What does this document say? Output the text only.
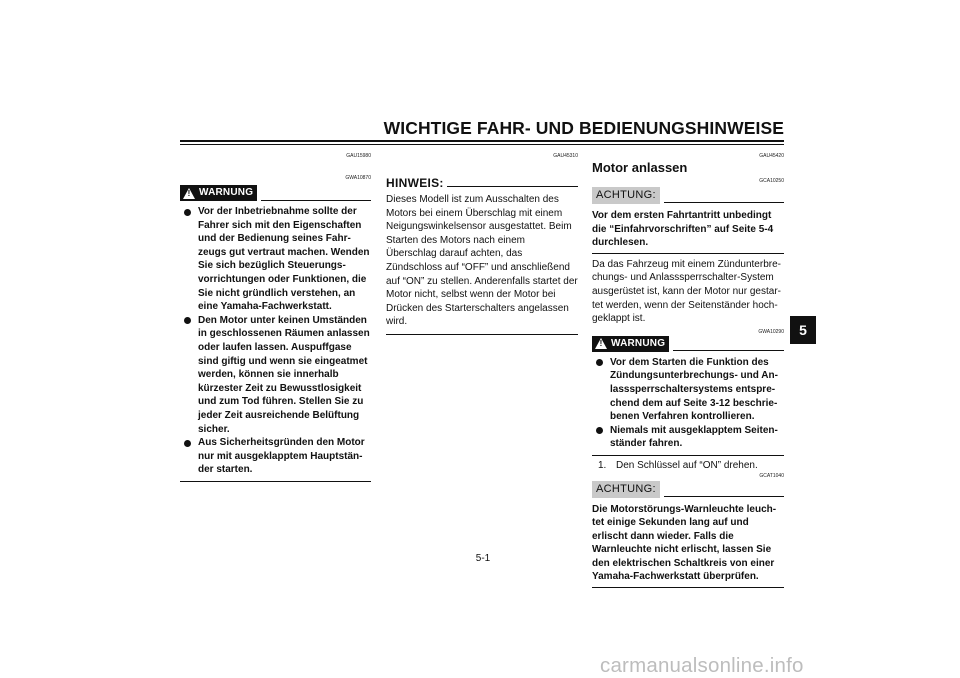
WICHTIGE FAHR- UND BEDIENUNGSHINWEISE
5
GAU15980
GWA10870
! WARNUNG
Vor der Inbetriebnahme sollte der Fahrer sich mit den Eigenschaften und der Bedienung seines Fahrzeugs gut vertraut machen. Wenden Sie sich bezüglich Steuerungsvorrichtungen oder Funktionen, die Sie nicht gründlich verstehen, an eine Yamaha-Fachwerkstatt.
Den Motor unter keinen Umständen in geschlossenen Räumen anlassen oder laufen lassen. Auspuffgase sind giftig und wenn sie eingeatmet werden, können sie innerhalb kürzester Zeit zu Bewusstlosigkeit und zum Tod führen. Stellen Sie zu jeder Zeit ausreichende Belüftung sicher.
Aus Sicherheitsgründen den Motor nur mit ausgeklapptem Hauptständer starten.
GAU45310
HINWEIS:
Dieses Modell ist zum Ausschalten des Motors bei einem Überschlag mit einem Neigungswinkelsensor ausgestattet. Beim Starten des Motors nach einem Überschlag darauf achten, das Zündschloss auf “OFF” und anschließend auf “ON” zu stellen. Anderenfalls startet der Motor nicht, selbst wenn der Motor bei Drücken des Starterschalters angelassen wird.
GAU45420
Motor anlassen
GCA10250
ACHTUNG:
Vor dem ersten Fahrtantritt unbedingt die “Einfahrvorschriften” auf Seite 5-4 durchlesen.
Da das Fahrzeug mit einem Zündunterbrechungs- und Anlasssperrschalter-System ausgerüstet ist, kann der Motor nur gestartet werden, wenn der Seitenständer hochgeklappt ist.
GWA10290
! WARNUNG
Vor dem Starten die Funktion des Zündungsunterbrechungs- und Anlasssperrschaltersystems entsprechend dem auf Seite 3-12 beschriebenen Verfahren kontrollieren.
Niemals mit ausgeklapptem Seitenständer fahren.
1. Den Schlüssel auf “ON” drehen.
GCAT1040
ACHTUNG:
Die Motorstörungs-Warnleuchte leuchtet einige Sekunden lang auf und erlischt dann wieder. Falls die Warnleuchte nicht erlischt, lassen Sie den elektrischen Schaltkreis von einer Yamaha-Fachwerkstatt überprüfen.
5-1
carmanualsonline.info
